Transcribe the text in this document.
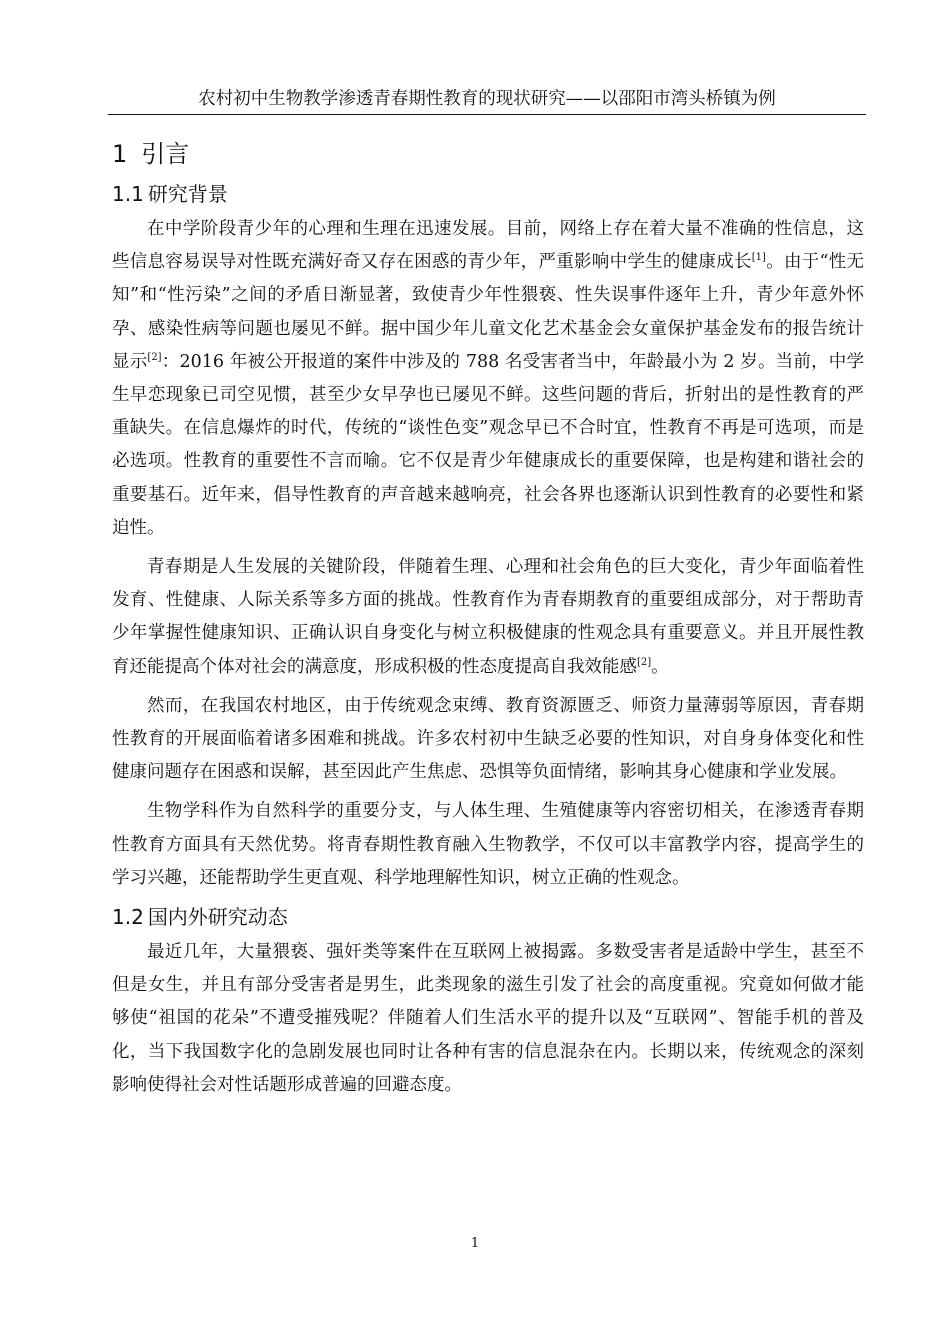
农村初中生物教学渗透青春期性教育的现状研究——以邵阳市湾头桥镇为例
1 引言
1.1 研究背景

在中学阶段青少年的心理和生理在迅速发展。目前，网络上存在着大量不准确的性信息，这些信息容易误导对性既充满好奇又存在困惑的青少年，严重影响中学生的健康成长[1]。由于“性无知”和“性污染”之间的矛盾日渐显著，致使青少年性猥亵、性失误事件逐年上升，青少年意外怀孕、感染性病等问题也屡见不鲜。据中国少年儿童文化艺术基金会女童保护基金发布的报告统计显示[2]：2016 年被公开报道的案件中涉及的 788 名受害者当中，年龄最小为 2 岁。当前，中学生早恋现象已司空见惯，甚至少女早孕也已屡见不鲜。这些问题的背后，折射出的是性教育的严重缺失。在信息爆炸的时代，传统的“谈性色变”观念早已不合时宜，性教育不再是可选项，而是必选项。性教育的重要性不言而喻。它不仅是青少年健康成长的重要保障，也是构建和谐社会的重要基石。近年来，倡导性教育的声音越来越响亮，社会各界也逐渐认识到性教育的必要性和紧迫性。

青春期是人生发展的关键阶段，伴随着生理、心理和社会角色的巨大变化，青少年面临着性发育、性健康、人际关系等多方面的挑战。性教育作为青春期教育的重要组成部分，对于帮助青少年掌握性健康知识、正确认识自身变化与树立积极健康的性观念具有重要意义。并且开展性教育还能提高个体对社会的满意度，形成积极的性态度提高自我效能感[2]。

然而，在我国农村地区，由于传统观念束缚、教育资源匮乏、师资力量薄弱等原因，青春期性教育的开展面临着诸多困难和挑战。许多农村初中生缺乏必要的性知识，对自身身体变化和性健康问题存在困惑和误解，甚至因此产生焦虑、恐惧等负面情绪，影响其身心健康和学业发展。

生物学科作为自然科学的重要分支，与人体生理、生殖健康等内容密切相关，在渗透青春期性教育方面具有天然优势。将青春期性教育融入生物教学，不仅可以丰富教学内容，提高学生的学习兴趣，还能帮助学生更直观、科学地理解性知识，树立正确的性观念。

1.2 国内外研究动态

最近几年，大量猥亵、强奸类等案件在互联网上被揭露。多数受害者是适龄中学生，甚至不但是女生，并且有部分受害者是男生，此类现象的滋生引发了社会的高度重视。究竟如何做才能够使“祖国的花朵”不遭受摧残呢？伴随着人们生活水平的提升以及“互联网”、智能手机的普及化，当下我国数字化的急剧发展也同时让各种有害的信息混杂在内。长期以来，传统观念的深刻影响使得社会对性话题形成普遍的回避态度。

1
